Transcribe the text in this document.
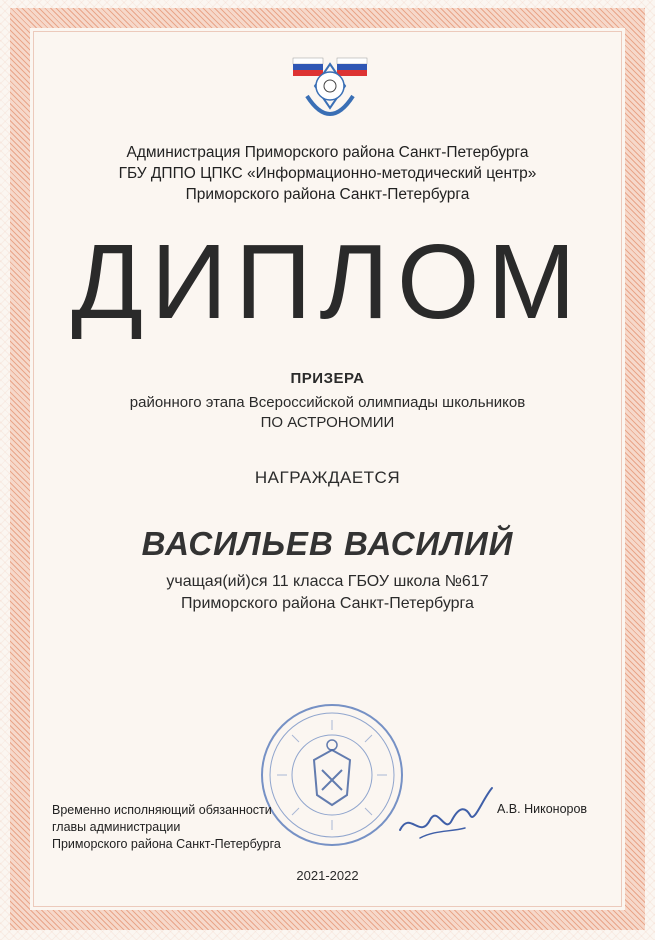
Администрация Приморского района Санкт-Петербурга
ГБУ ДППО ЦПКС «Информационно-методический центр»
Приморского района Санкт-Петербурга
ДИПЛОМ
ПРИЗЕРА
районного этапа Всероссийской олимпиады школьников
ПО АСТРОНОМИИ
НАГРАЖДАЕТСЯ
ВАСИЛЬЕВ ВАСИЛИЙ
учащая(ий)ся 11 класса ГБОУ школа №617
Приморского района Санкт-Петербурга
Временно исполняющий обязанности
главы администрации
Приморского района Санкт-Петербурга
А.В. Никоноров
2021-2022
